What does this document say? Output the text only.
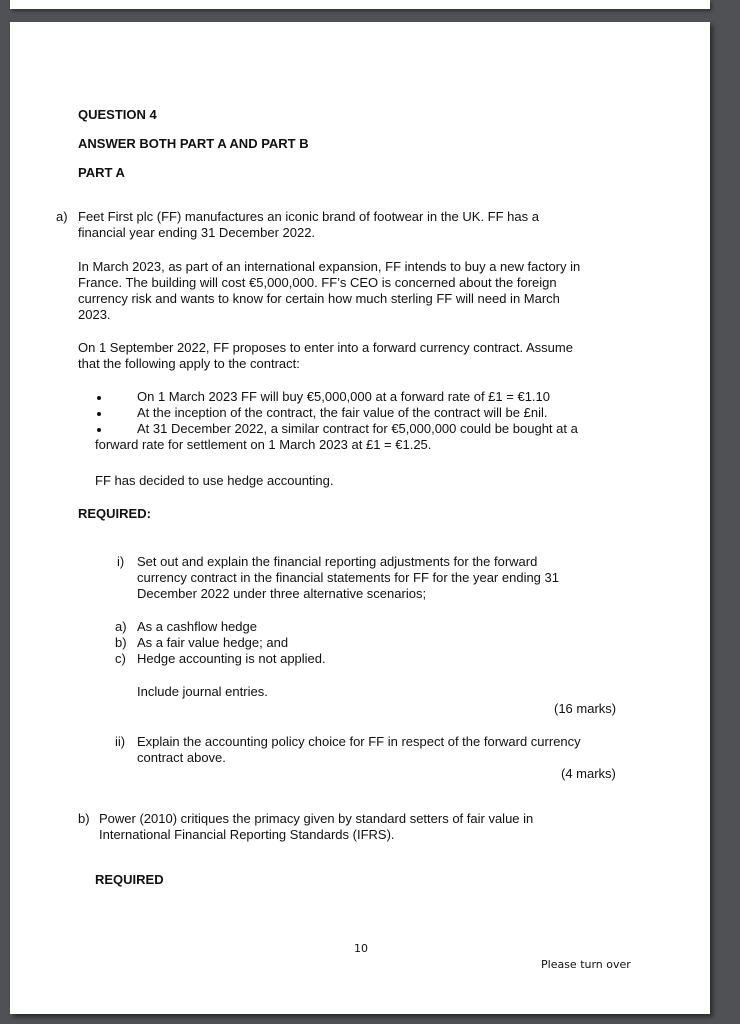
QUESTION 4

ANSWER BOTH PART A AND PART B

PART A

a) Feet First plc (FF) manufactures an iconic brand of footwear in the UK. FF has a

financial year ending 31 December 2022.

In March 2023, as part of an international expansion, FF intends to buy a new factory in

France. The building will cost €5,000,000. FF’s CEO is concerned about the foreign

currency risk and wants to know for certain how much sterling FF will need in March

2023.

On 1 September 2022, FF proposes to enter into a forward currency contract. Assume

that the following apply to the contract:

On 1 March 2023 FF will buy €5,000,000 at a forward rate of £1 = €1.10

At the inception of the contract, the fair value of the contract will be £nil.

At 31 December 2022, a similar contract for €5,000,000 could be bought at a

forward rate for settlement on 1 March 2023 at £1 = €1.25.

FF has decided to use hedge accounting.

REQUIRED:

i) Set out and explain the financial reporting adjustments for the forward

currency contract in the financial statements for FF for the year ending 31

December 2022 under three alternative scenarios;

a) As a cashflow hedge

b) As a fair value hedge; and

c) Hedge accounting is not applied.

Include journal entries.

(16 marks)

ii) Explain the accounting policy choice for FF in respect of the forward currency

contract above.

(4 marks)

b) Power (2010) critiques the primacy given by standard setters of fair value in

International Financial Reporting Standards (IFRS).

REQUIRED

10

Please turn over
